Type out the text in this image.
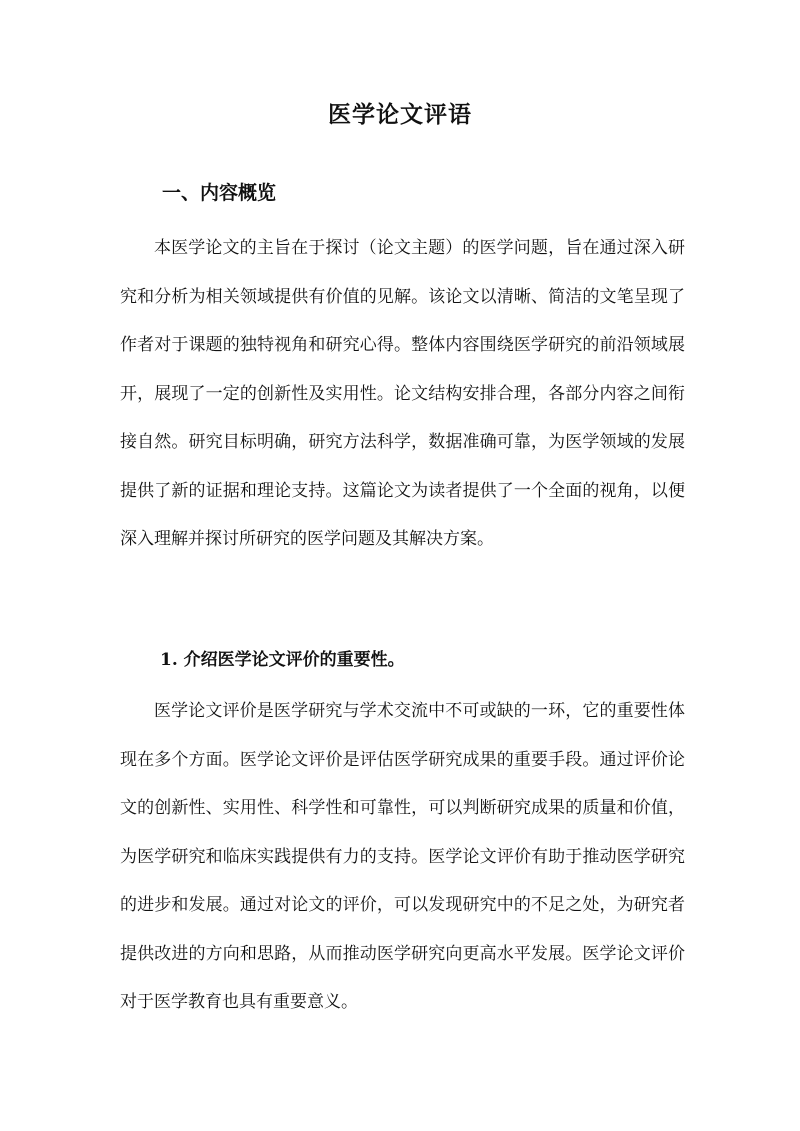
医学论文评语
一、内容概览

本医学论文的主旨在于探讨（论文主题）的医学问题，旨在通过深入研究和分析为相关领域提供有价值的见解。该论文以清晰、简洁的文笔呈现了作者对于课题的独特视角和研究心得。整体内容围绕医学研究的前沿领域展开，展现了一定的创新性及实用性。论文结构安排合理，各部分内容之间衔接自然。研究目标明确，研究方法科学，数据准确可靠，为医学领域的发展提供了新的证据和理论支持。这篇论文为读者提供了一个全面的视角，以便深入理解并探讨所研究的医学问题及其解决方案。

1. 介绍医学论文评价的重要性。

医学论文评价是医学研究与学术交流中不可或缺的一环，它的重要性体现在多个方面。医学论文评价是评估医学研究成果的重要手段。通过评价论文的创新性、实用性、科学性和可靠性，可以判断研究成果的质量和价值，为医学研究和临床实践提供有力的支持。医学论文评价有助于推动医学研究的进步和发展。通过对论文的评价，可以发现研究中的不足之处，为研究者提供改进的方向和思路，从而推动医学研究向更高水平发展。医学论文评价对于医学教育也具有重要意义。
